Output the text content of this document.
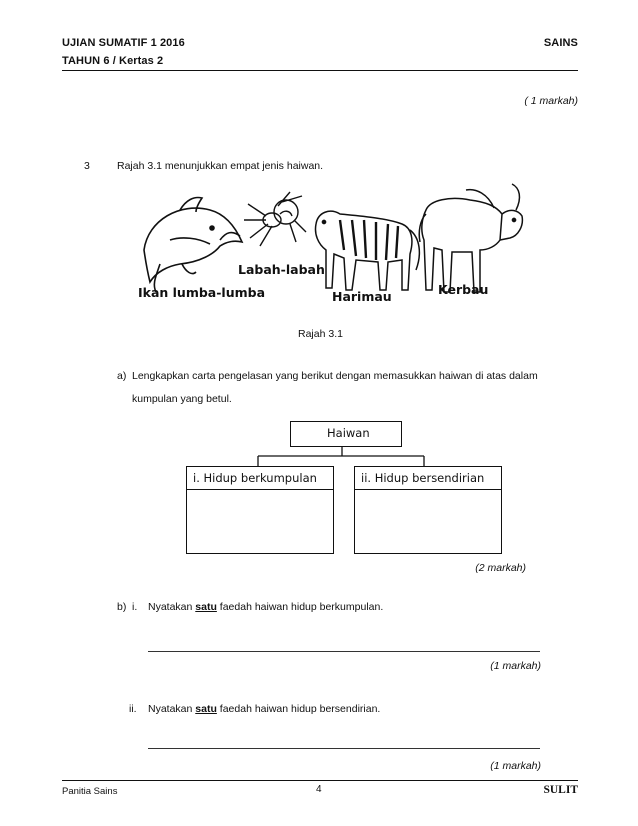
UJIAN SUMATIF 1 2016	SAINS
TAHUN 6 / Kertas 2
( 1 markah)
3	Rajah 3.1 menunjukkan empat jenis haiwan.
Ikan lumba-lumba
Labah-labah
Harimau	Kerbau
Rajah 3.1
a) Lengkapkan carta pengelasan yang berikut dengan memasukkan haiwan di atas dalam
kumpulan yang betul.
Haiwan
i. Hidup berkumpulan	ii. Hidup bersendirian
(2 markah)
b) i. Nyatakan satu faedah haiwan hidup berkumpulan.
(1 markah)
ii. Nyatakan satu faedah haiwan hidup bersendirian.
(1 markah)
Panitia Sains	4	SULIT
